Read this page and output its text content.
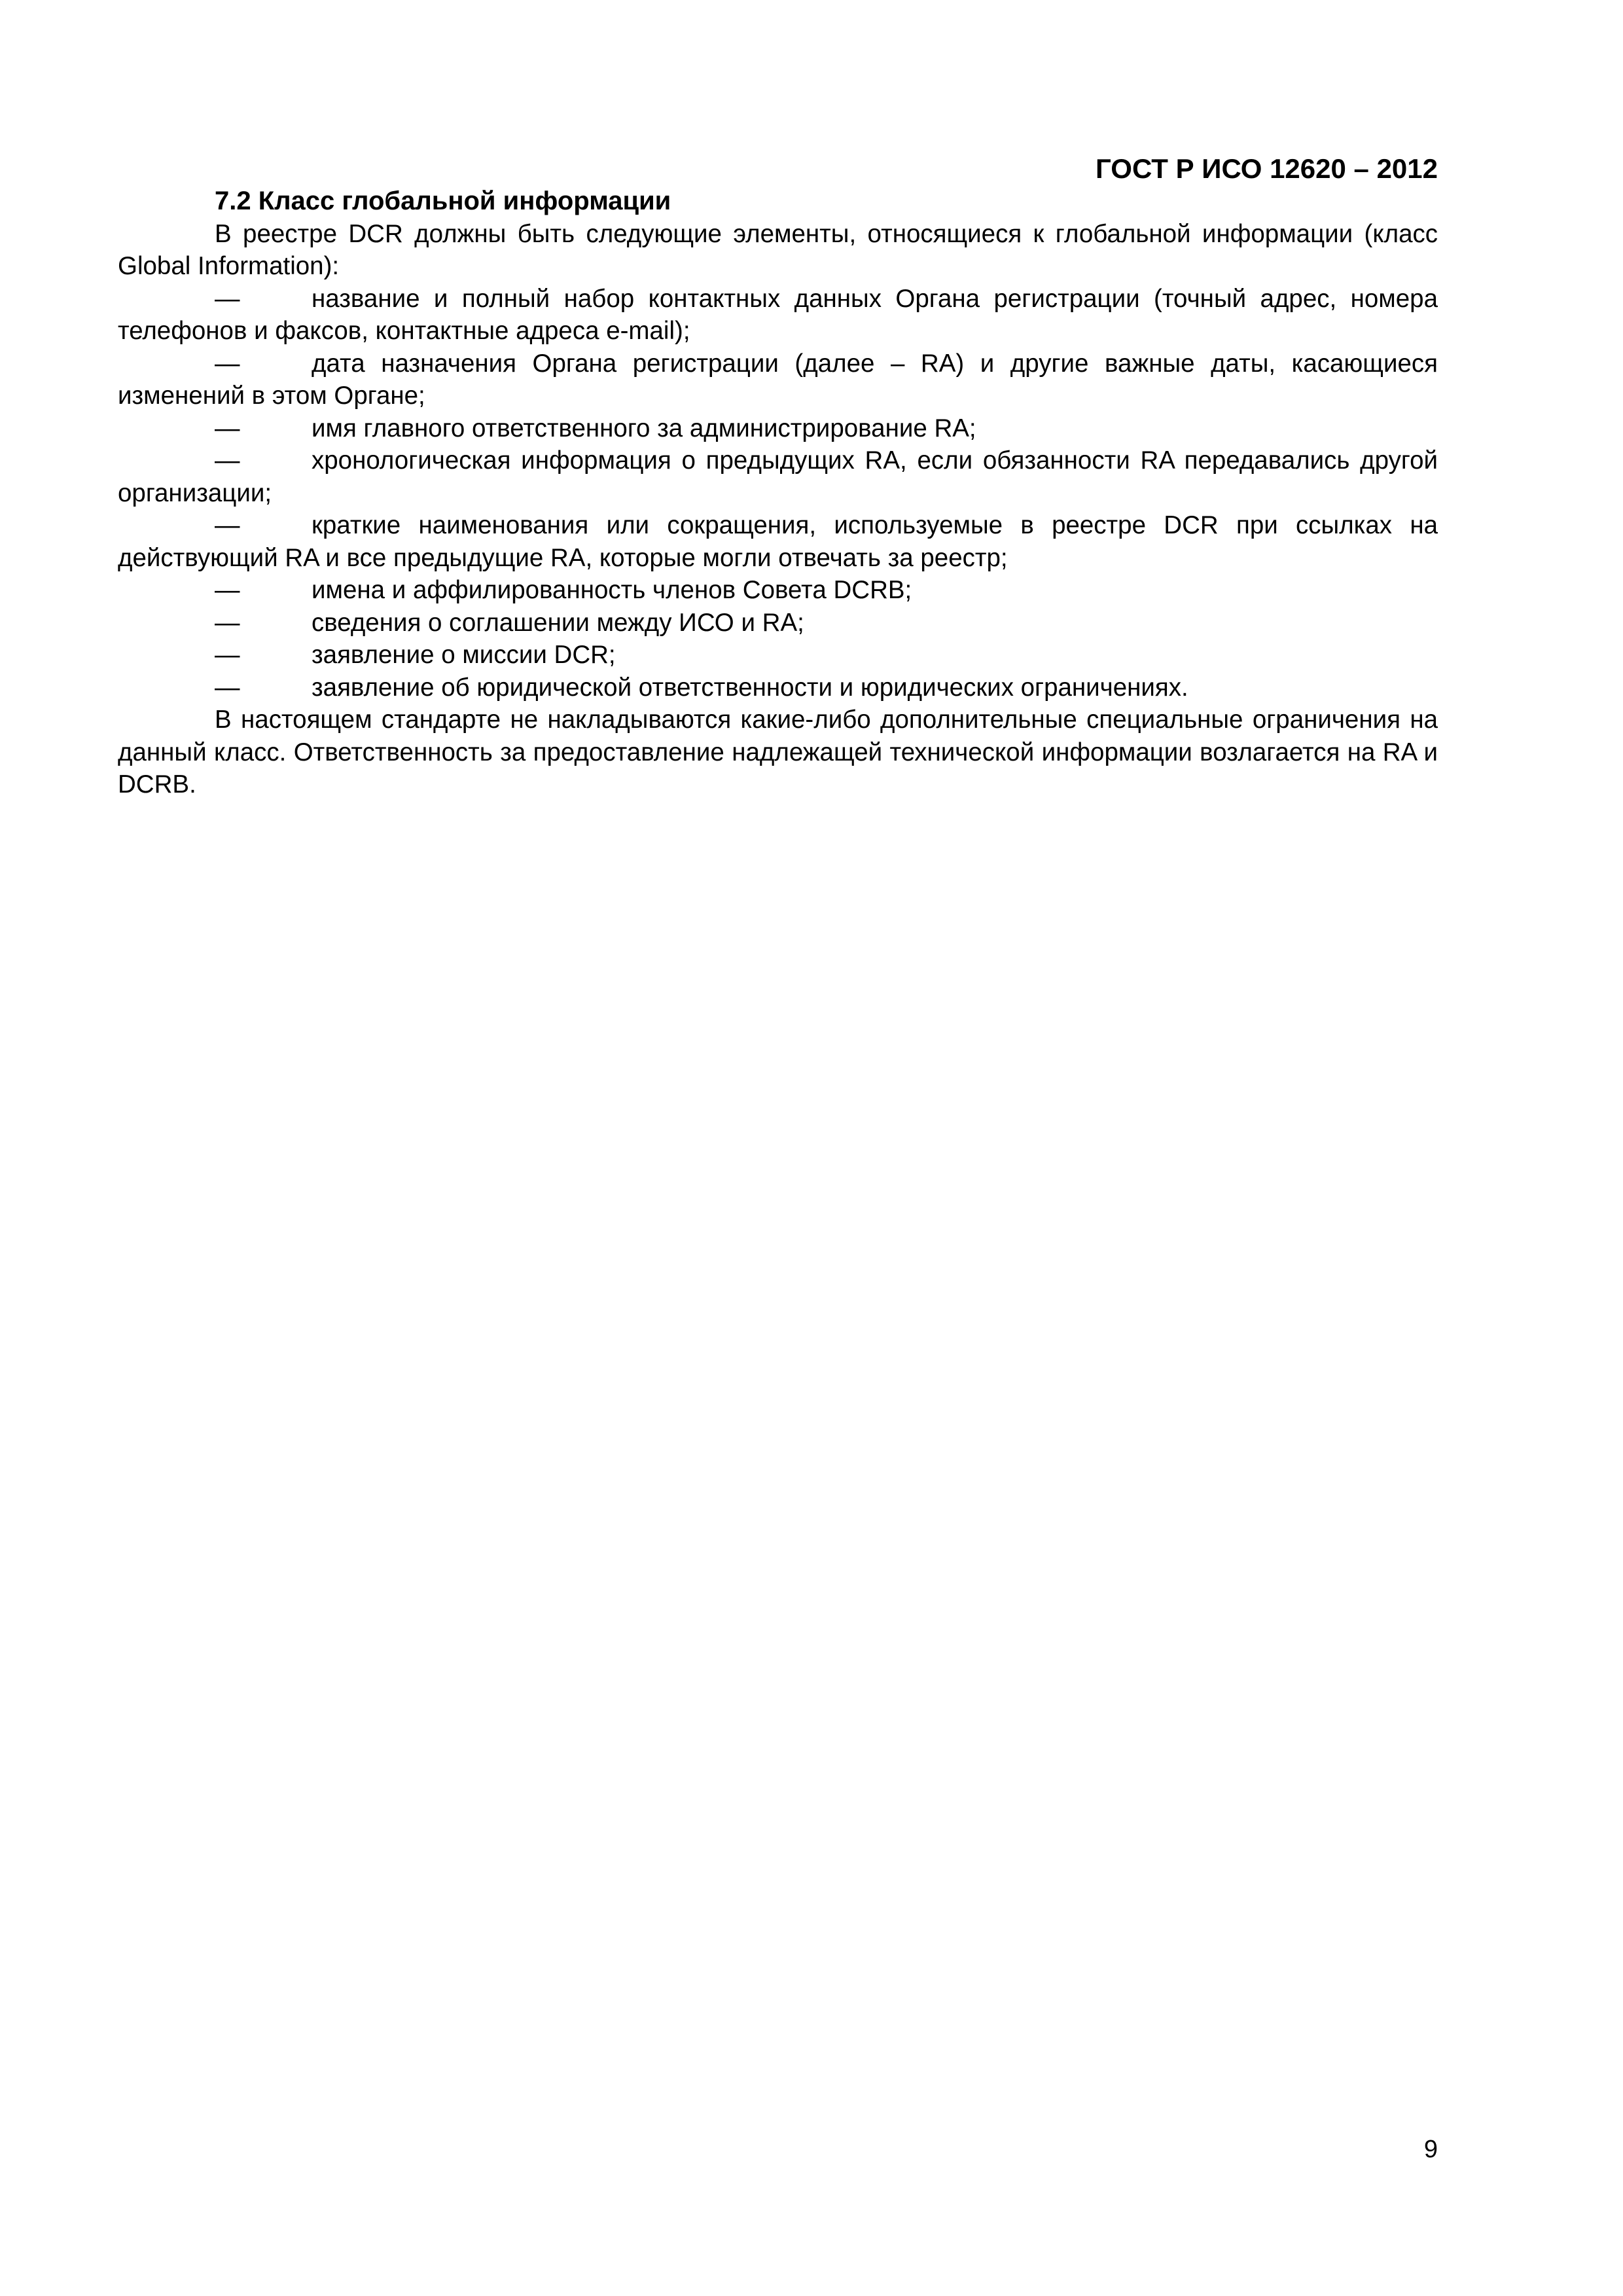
ГОСТ Р ИСО 12620 – 2012

7.2 Класс глобальной информации

В реестре DCR должны быть следующие элементы, относящиеся к глобальной информации (класс Global Information):

—	название и полный набор контактных данных Органа регистрации (точный адрес, номера телефонов и факсов, контактные адреса e-mail);
—	дата назначения Органа регистрации (далее – RA) и другие важные даты, касающиеся изменений в этом Органе;
—	имя главного ответственного за администрирование RA;
—	хронологическая информация о предыдущих RA, если обязанности RA передавались другой организации;
—	краткие наименования или сокращения, используемые в реестре DCR при ссылках на действующий RA и все предыдущие RA, которые могли отвечать за реестр;
—	имена и аффилированность членов Совета DCRB;
—	сведения о соглашении между ИСО и RA;
—	заявление о миссии DCR;
—	заявление об юридической ответственности и юридических ограничениях.

В настоящем стандарте не накладываются какие-либо дополнительные специальные ограничения на данный класс. Ответственность за предоставление надлежащей технической информации возлагается на RA и DCRB.

9
